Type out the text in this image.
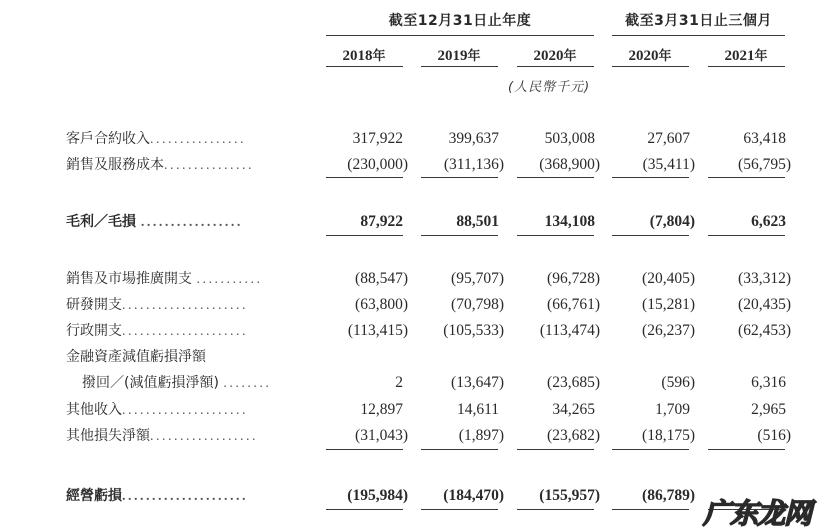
截至12月31日止年度	截至3月31日止三個月
2018年	2019年	2020年	2020年	2021年
(人民幣千元)
客戶合約收入................	317,922	399,637	503,008	27,607	63,418
銷售及服務成本...............	(230,000)	(311,136)	(368,900)	(35,411)	(56,795)
毛利／毛損 .................	87,922	88,501	134,108	(7,804)	6,623
銷售及市場推廣開支 ...........	(88,547)	(95,707)	(96,728)	(20,405)	(33,312)
研發開支.....................	(63,800)	(70,798)	(66,761)	(15,281)	(20,435)
行政開支.....................	(113,415)	(105,533)	(113,474)	(26,237)	(62,453)
金融資產減值虧損淨額
撥回／(減值虧損淨額) ........	2	(13,647)	(23,685)	(596)	6,316
其他收入.....................	12,897	14,611	34,265	1,709	2,965
其他損失淨額..................	(31,043)	(1,897)	(23,682)	(18,175)	(516)
經營虧損.....................	(195,984)	(184,470)	(155,957)	(86,789)
广东龙网
